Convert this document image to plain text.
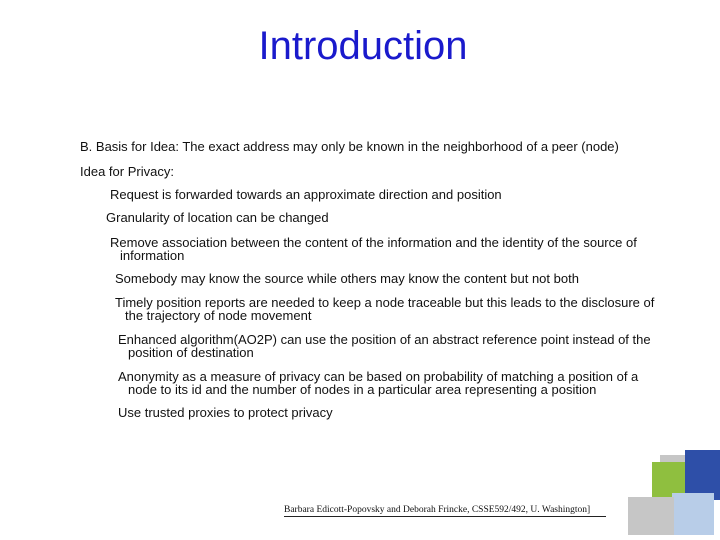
Introduction
B. Basis for Idea: The exact address may only be known in the neighborhood of a peer (node)
Idea for Privacy:
Request is forwarded towards an approximate direction and position
Granularity of location can be changed
Remove association between the content of the information and the identity of the source of
information
Somebody may know the source while others may know the content but not both
Timely position reports are needed to keep a node traceable but this leads to the disclosure of
the trajectory of node movement
Enhanced algorithm(AO2P) can use the position of an abstract reference point instead of the
position of destination
Anonymity as a measure of privacy can be based on probability of matching a position of a
node to its id and the number of nodes in a particular area representing a position
Use trusted proxies to protect privacy
Barbara Edicott-Popovsky and Deborah Frincke, CSSE592/492, U. Washington]
